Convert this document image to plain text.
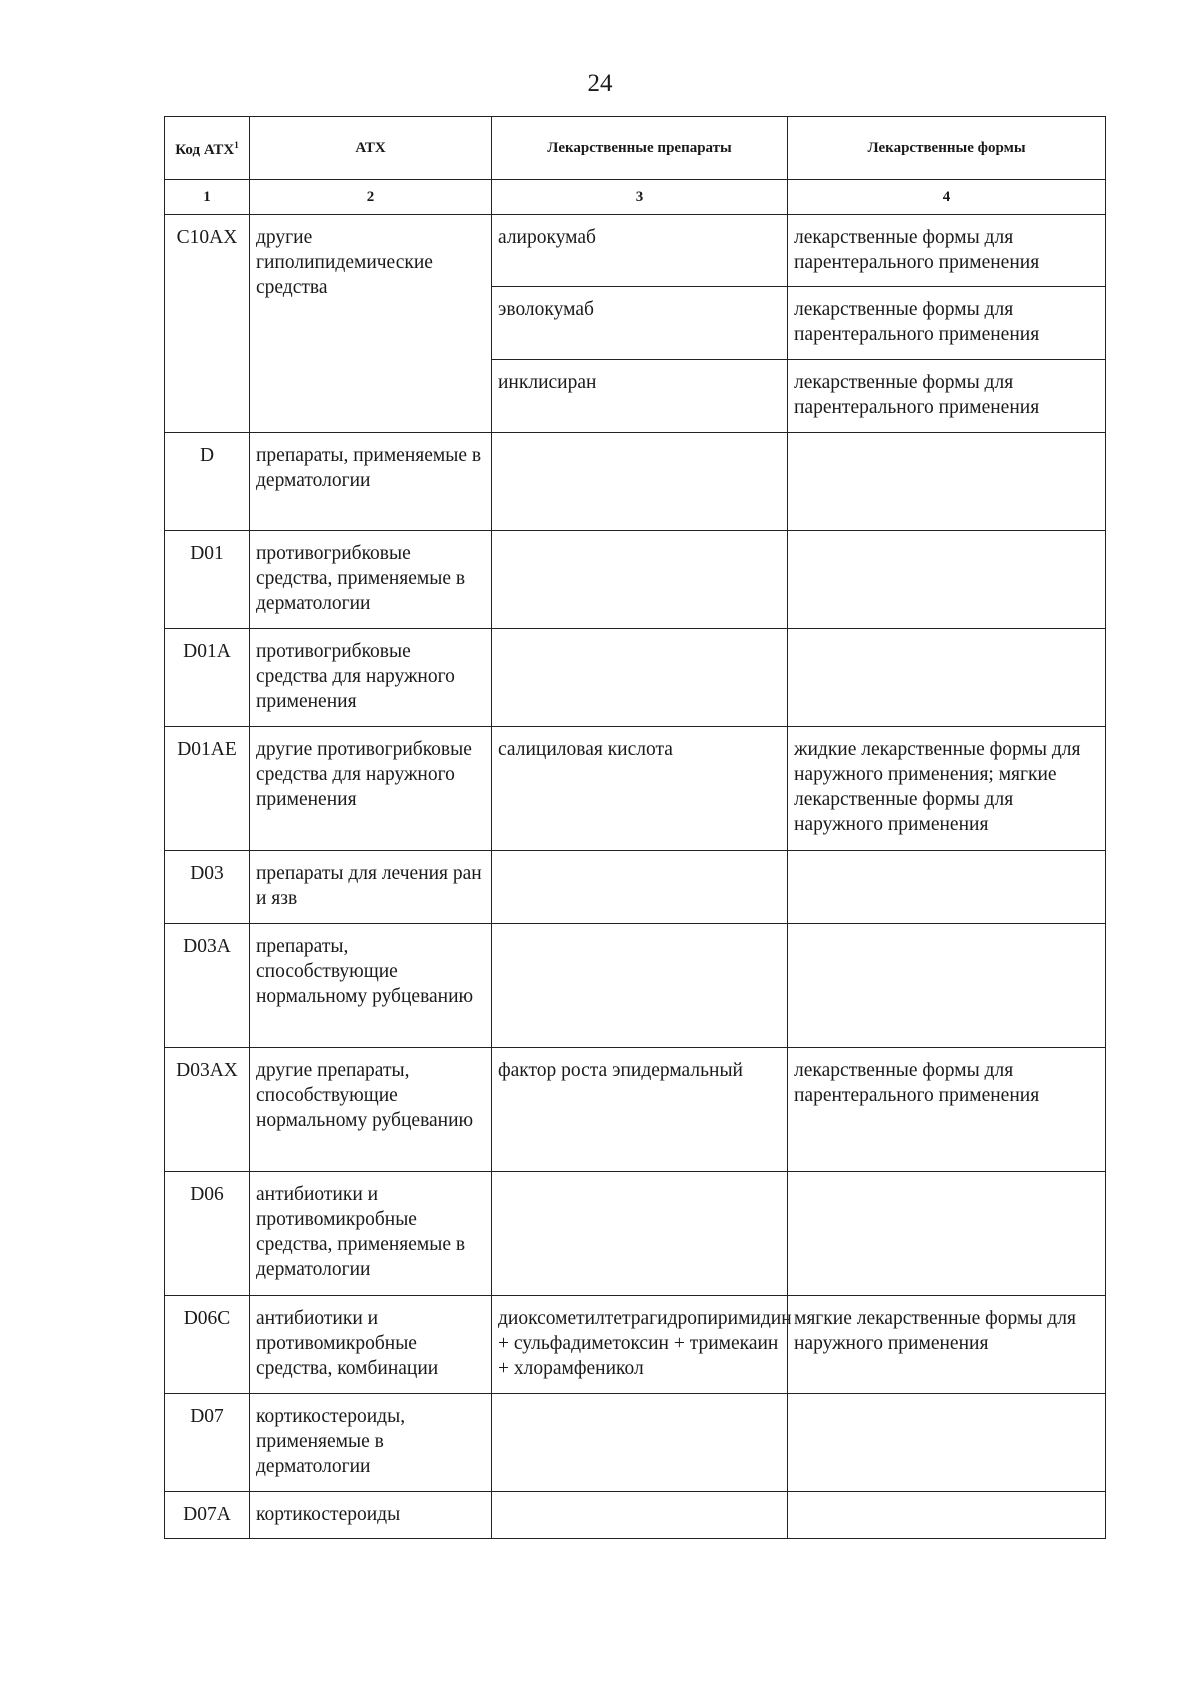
24
Код АТХ$^1$	АТХ	Лекарственные препараты	Лекарственные формы
1	2	3	4
C10AX	другие гиполипидемические средства	алирокумаб	лекарственные формы для парентерального применения
		эволокумаб	лекарственные формы для парентерального применения
		инклисиран	лекарственные формы для парентерального применения
D	препараты, применяемые в дерматологии		
D01	противогрибковые средства, применяемые в дерматологии		
D01A	противогрибковые средства для наружного применения		
D01AE	другие противогрибковые средства для наружного применения	салициловая кислота	жидкие лекарственные формы для наружного применения; мягкие лекарственные формы для наружного применения
D03	препараты для лечения ран и язв		
D03A	препараты, способствующие нормальному рубцеванию		
D03AX	другие препараты, способствующие нормальному рубцеванию	фактор роста эпидермальный	лекарственные формы для парентерального применения
D06	антибиотики и противомикробные средства, применяемые в дерматологии		
D06C	антибиотики и противомикробные средства, комбинации	диоксометилтетрагидропиримидин + сульфадиметоксин + тримекаин + хлорамфеникол	мягкие лекарственные формы для наружного применения
D07	кортикостероиды, применяемые в дерматологии		
D07A	кортикостероиды		
